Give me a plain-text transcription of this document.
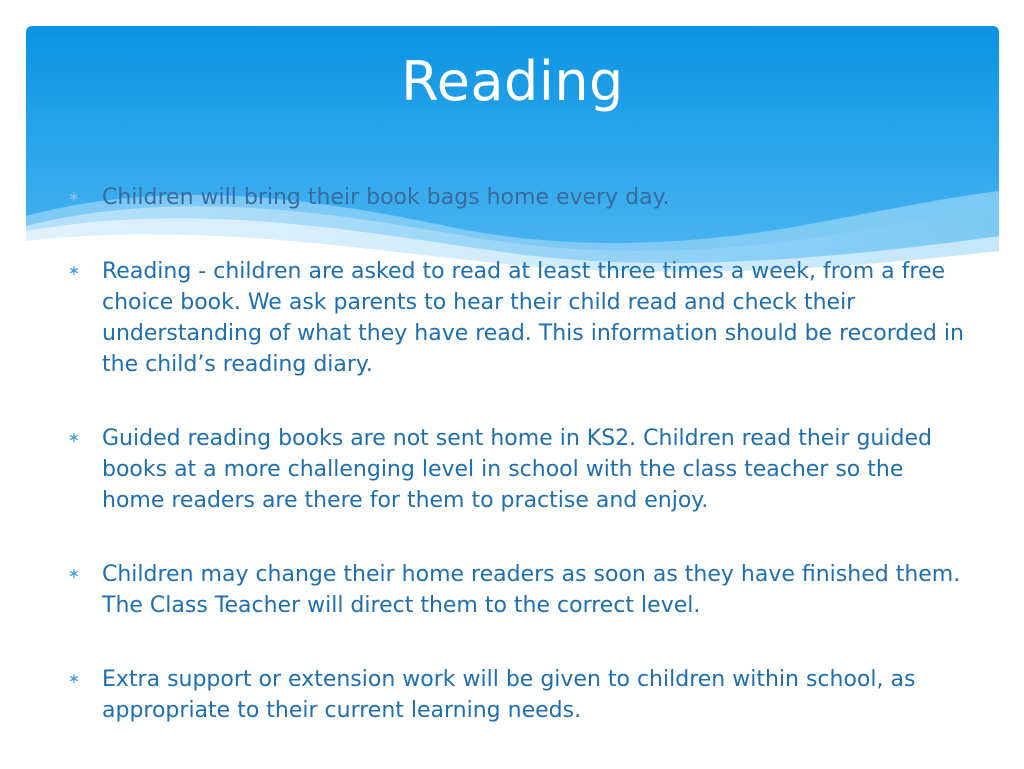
Reading
∗ Children will bring their book bags home every day.
∗ Reading - children are asked to read at least three times a week, from a free choice book. We ask parents to hear their child read and check their understanding of what they have read. This information should be recorded in the child’s reading diary.
∗ Guided reading books are not sent home in KS2. Children read their guided books at a more challenging level in school with the class teacher so the home readers are there for them to practise and enjoy.
∗ Children may change their home readers as soon as they have finished them. The Class Teacher will direct them to the correct level.
∗ Extra support or extension work will be given to children within school, as appropriate to their current learning needs.
